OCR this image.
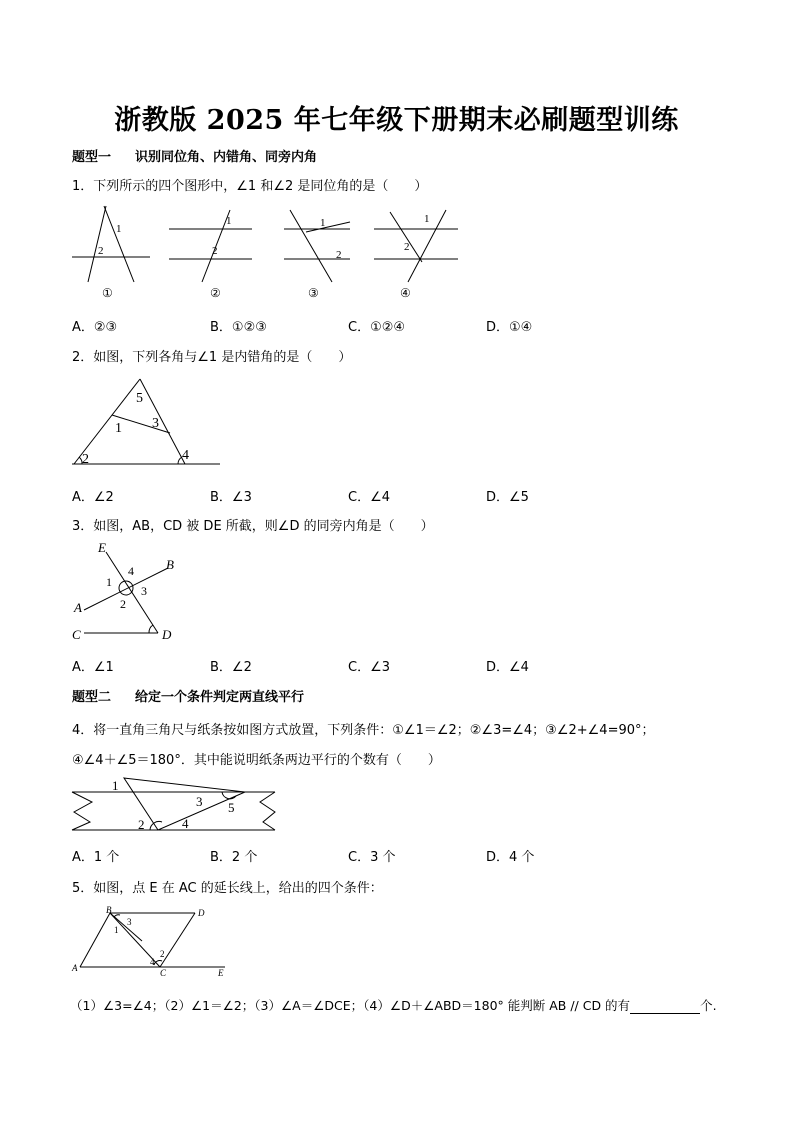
浙教版 2025 年七年级下册期末必刷题型训练
题型一 识别同位角、内错角、同旁内角
1．下列所示的四个图形中，∠1 和∠2 是同位角的是（　　）
1
2
1
2
1
2
1
2
①	②	③	④
A．②③	B．①②③	C．①②④	D．①④
2．如图，下列各角与∠1 是内错角的是（　　）
5
1 3
2	4
A．∠2	B．∠3	C．∠4	D．∠5
3．如图，AB，CD 被 DE 所截，则∠D 的同旁内角是（　　）
E
B
A
C	D
4
1
3
2
A．∠1	B．∠2	C．∠3	D．∠4
题型二 给定一个条件判定两直线平行
4．将一直角三角尺与纸条按如图方式放置，下列条件：①∠1＝∠2；②∠3=∠4；③∠2+∠4=90°；
④∠4＋∠5＝180°．其中能说明纸条两边平行的个数有（　　）
1
3 5
2	4
A．1 个	B．2 个	C．3 个	D．4 个
5．如图，点 E 在 AC 的延长线上，给出的四个条件：
B	D
A	C	E
3
1
2
4
（1）∠3=∠4；（2）∠1＝∠2；（3）∠A＝∠DCE；（4）∠D＋∠ABD＝180° 能判断 AB // CD 的有	个.
